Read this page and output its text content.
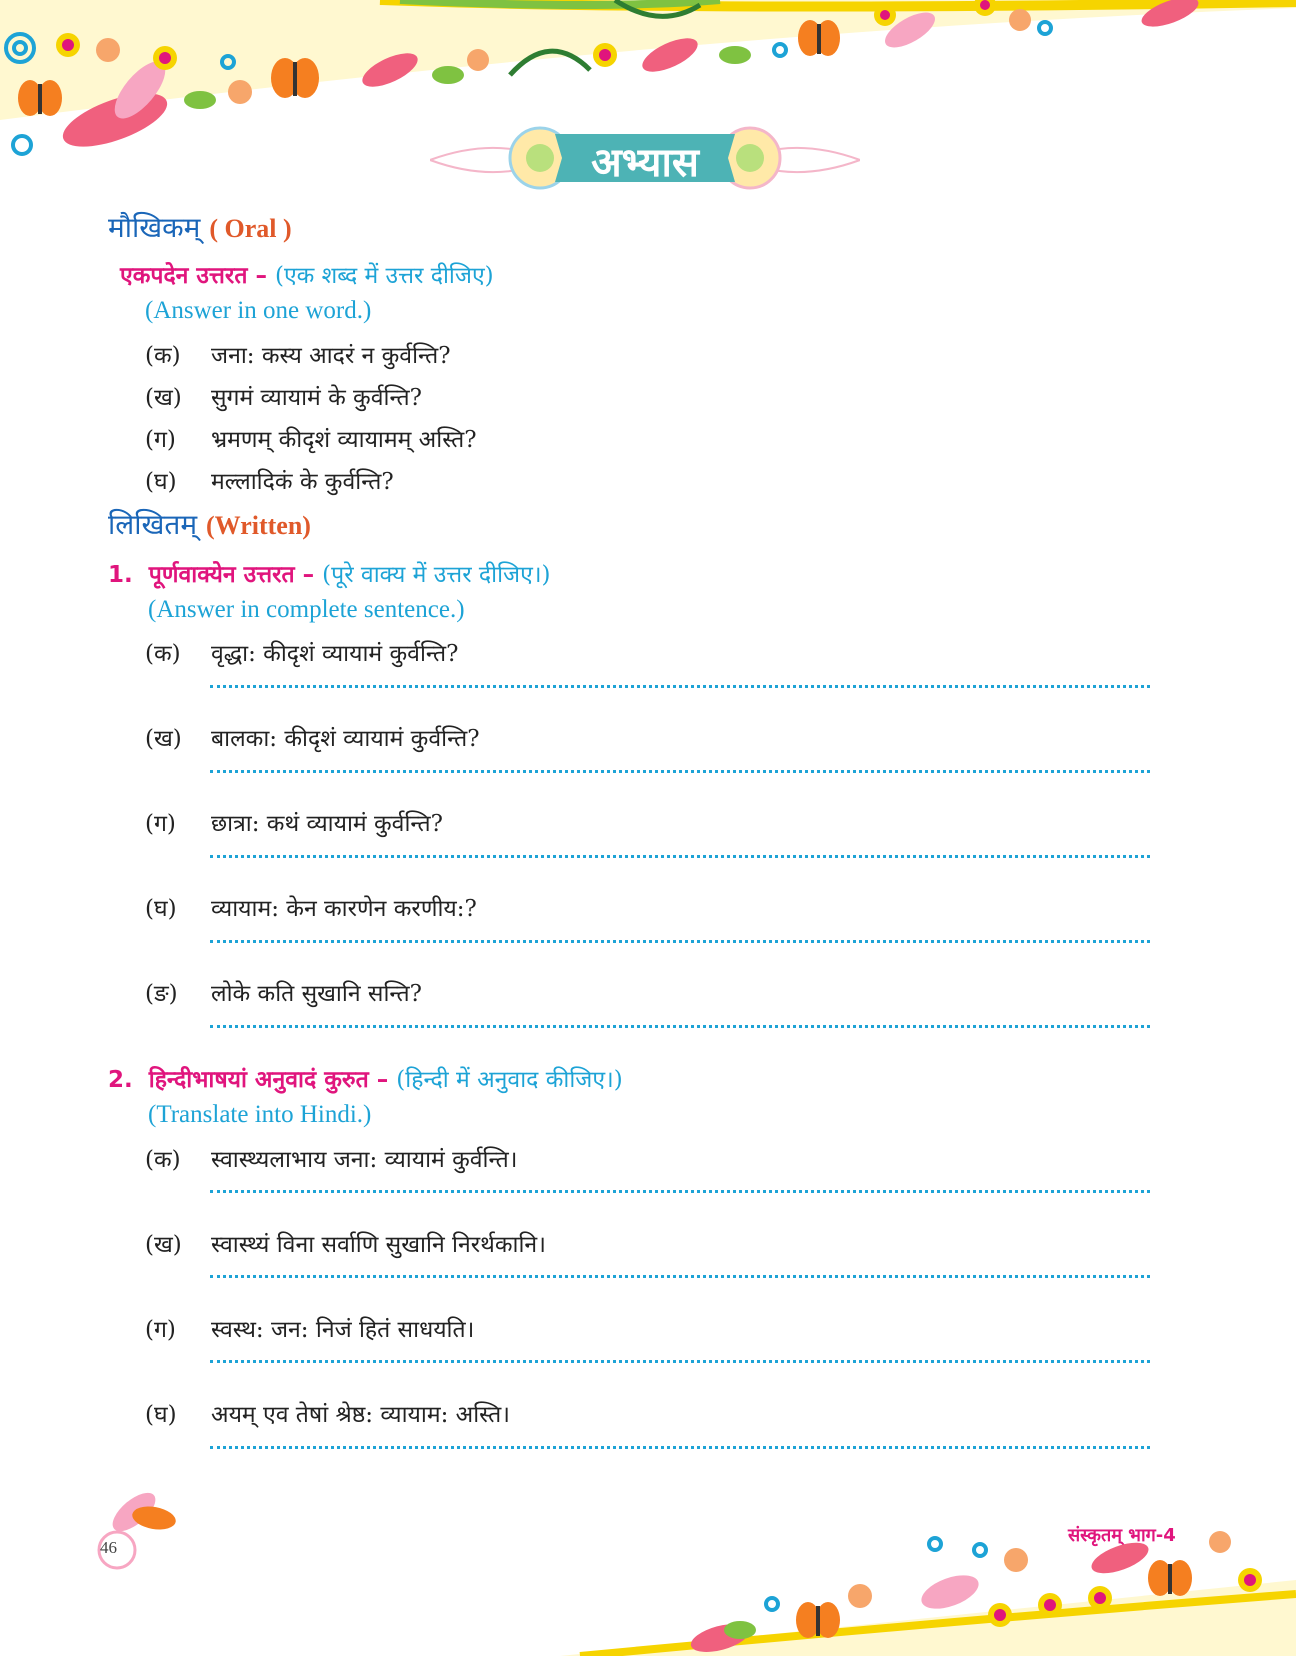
अभ्यास
मौखिकम् ( Oral )
एकपदेन उत्तरत – (एक शब्द में उत्तर दीजिए)
(Answer in one word.)
(क)	जना: कस्य आदरं न कुर्वन्ति?
(ख)	सुगमं व्यायामं के कुर्वन्ति?
(ग)	भ्रमणम् कीदृशं व्यायामम् अस्ति?
(घ)	मल्लादिकं के कुर्वन्ति?
लिखितम् (Written)
1. पूर्णवाक्येन उत्तरत – (पूरे वाक्य में उत्तर दीजिए।)
(Answer in complete sentence.)
(क)	वृद्धा: कीदृशं व्यायामं कुर्वन्ति?
(ख)	बालका: कीदृशं व्यायामं कुर्वन्ति?
(ग)	छात्रा: कथं व्यायामं कुर्वन्ति?
(घ)	व्यायाम: केन कारणेन करणीय:?
(ङ)	लोके कति सुखानि सन्ति?
2. हिन्दीभाषयां अनुवादं कुरुत – (हिन्दी में अनुवाद कीजिए।)
(Translate into Hindi.)
(क)	स्वास्थ्यलाभाय जना: व्यायामं कुर्वन्ति।
(ख)	स्वास्थ्यं विना सर्वाणि सुखानि निरर्थकानि।
(ग)	स्वस्थ: जन: निजं हितं साधयति।
(घ)	अयम् एव तेषां श्रेष्ठ: व्यायाम: अस्ति।
46
संस्कृतम् भाग-4
